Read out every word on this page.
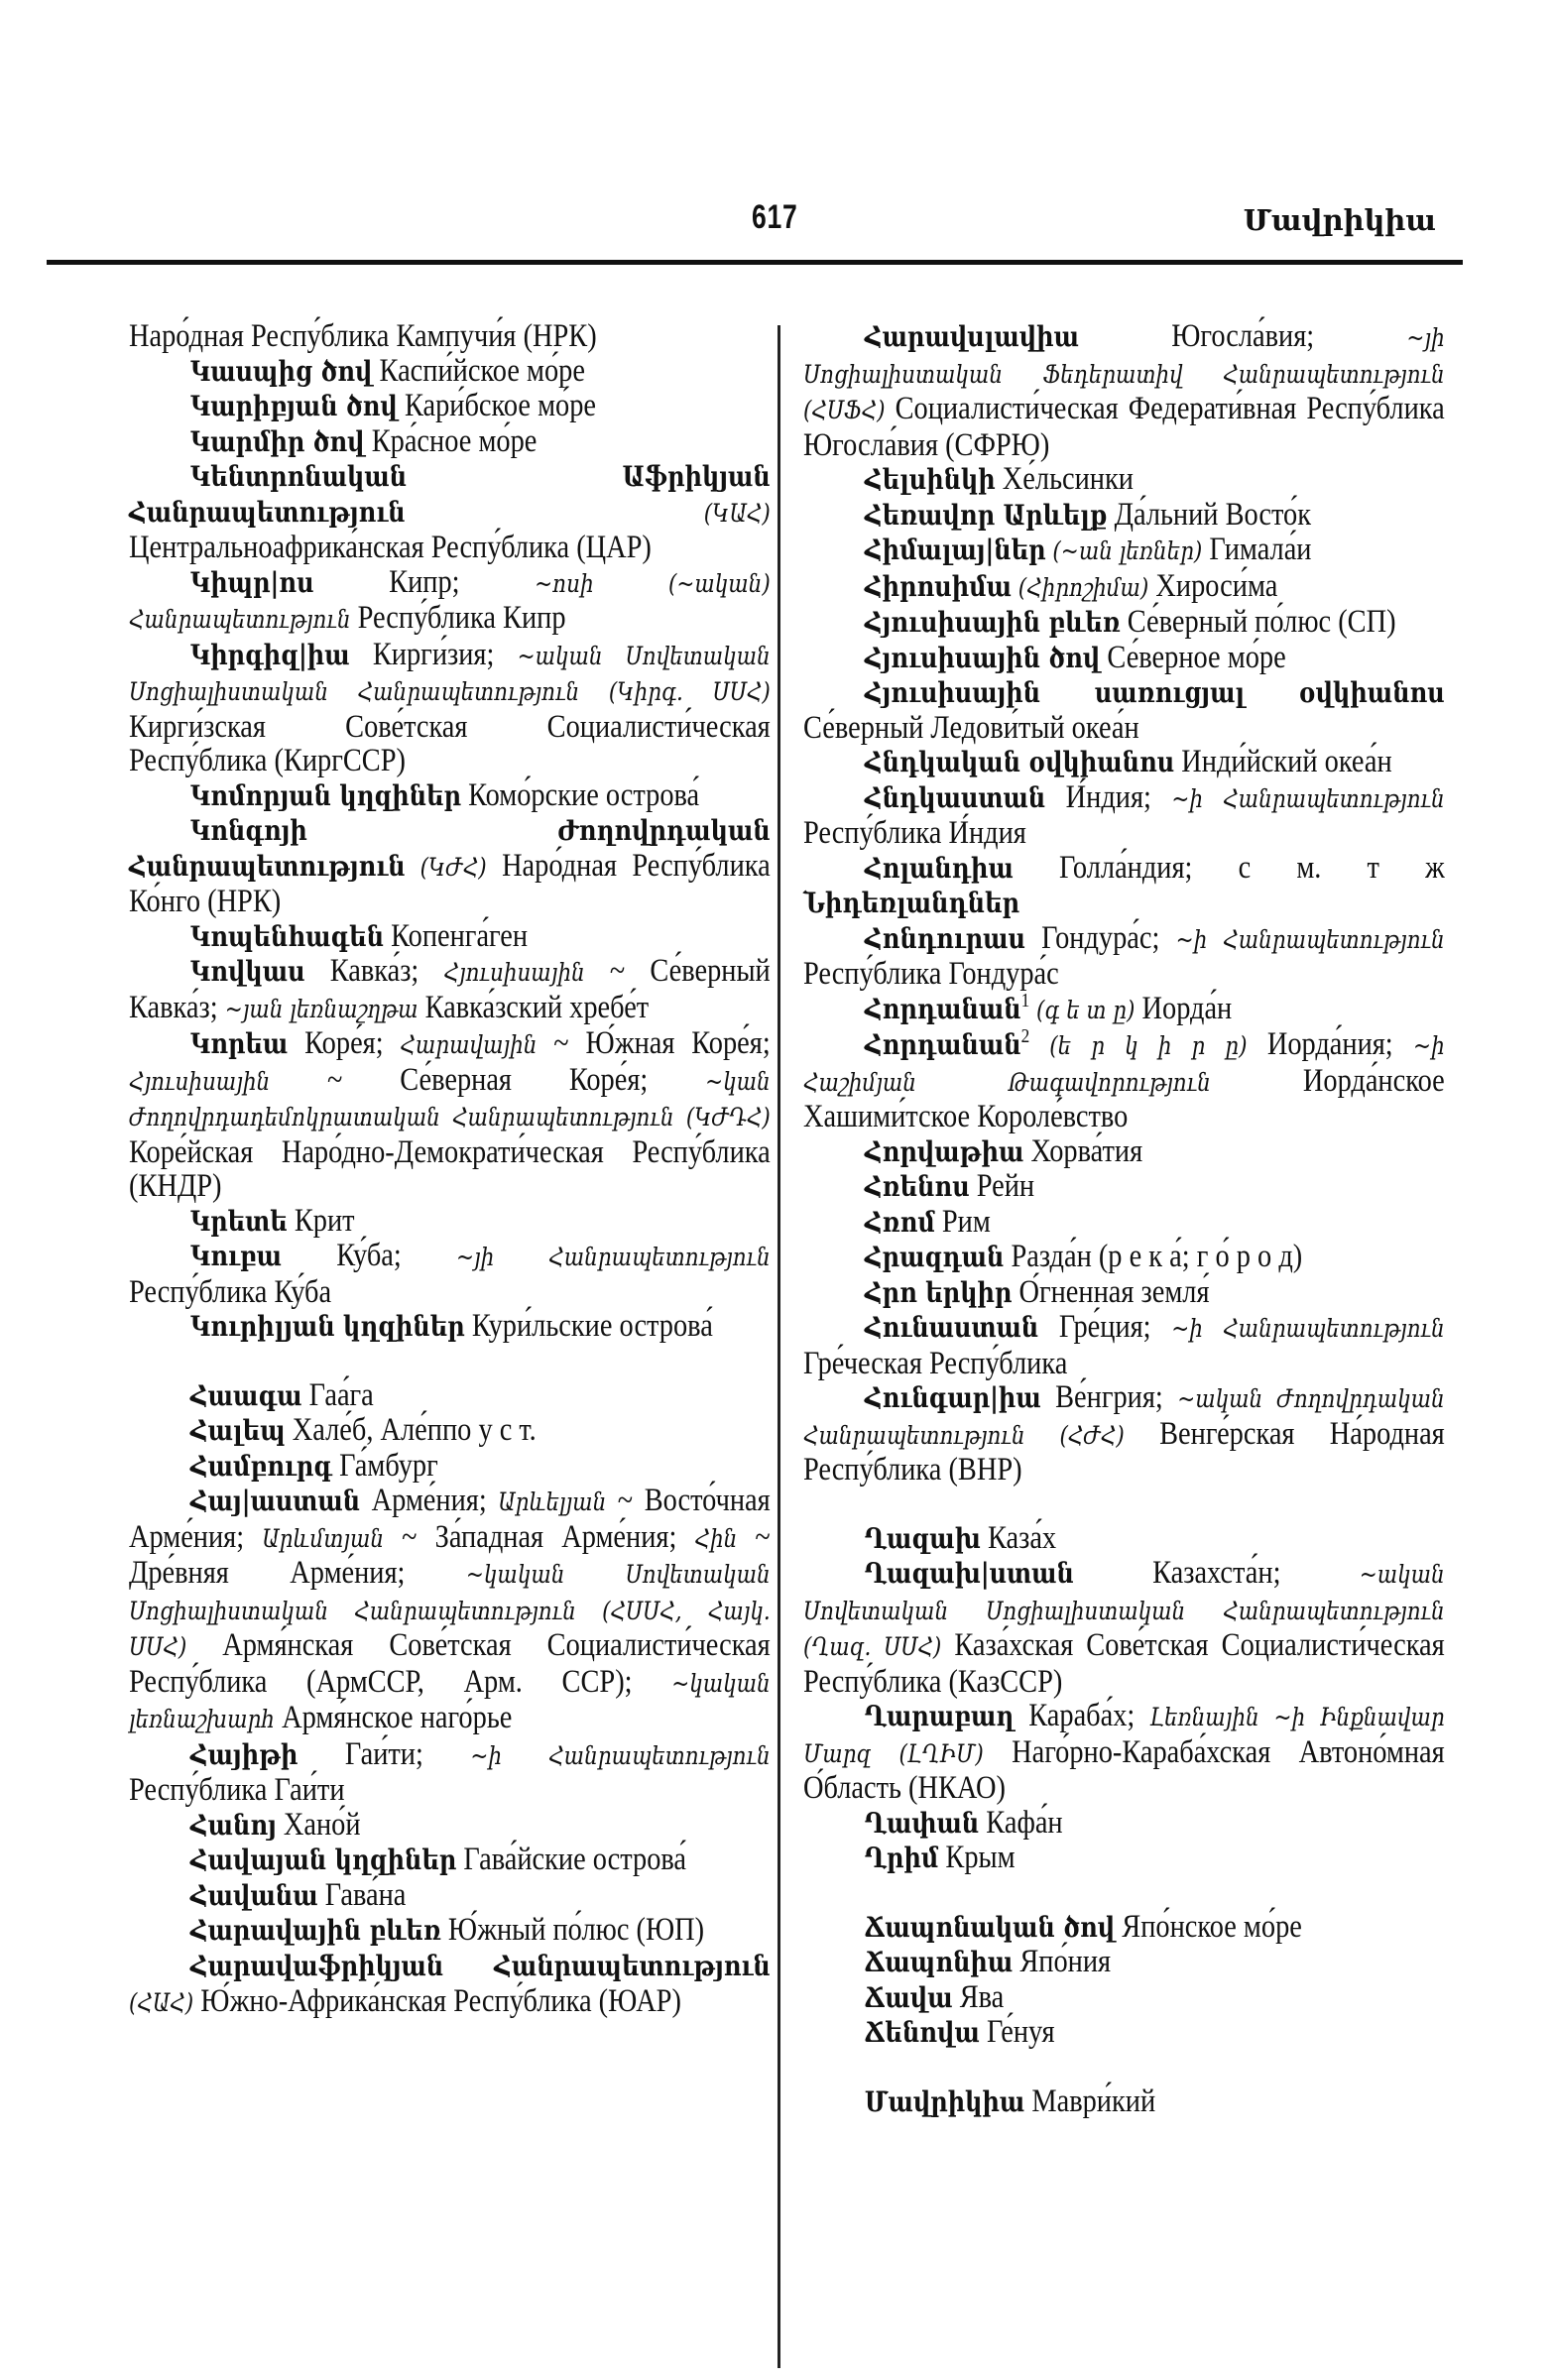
617	Մավրիկիա

Наро́дная Респу́блика Кампучи́я (НРК)

Կասպից ծով Каспи́йское мо́ре

Կարիբյան ծով Кари́бское мо́ре

Կարմիր ծով Кра́сное мо́ре

Կենտրոնական Աֆրիկյան Հանրապետություն (ԿԱՀ) Центральноафрика́нская Респу́блика (ЦАР)

Կիպր|ոս Кипр; ~ոսի (~ական) Հանրապետություն Респу́блика Кипр

Կիրգիզ|իա Кирги́зия; ~ական Սովետական Սոցիալիստական Հանրապետություն (Կիրգ. ՍՍՀ) Кирги́зская Сове́тская Социалисти́ческая Респу́блика (КиргССР)

Կոմորյան կղզիներ Комо́рские острова́

Կոնգոյի Ժողովրդական Հանրապետություն (ԿԺՀ) Наро́дная Респу́блика Ко́нго (НРК)

Կոպենհագեն Копенга́ген

Կովկաս Кавка́з; Հյուսիսային ~ Се́верный Кавка́з; ~յան լեռնաշղթա Кавка́зский хребе́т

Կորեա Коре́я; Հարավային ~ Ю́жная Коре́я; Հյուսիսային ~ Се́верная Коре́я; ~կան Ժողովրդադեմոկրատական Հանրապետություն (ԿԺԴՀ) Коре́йская Наро́дно-Демократи́ческая Респу́блика (КНДР)

Կրետե Крит

Կուբա Ку́ба; ~յի Հանրապետություն Респу́блика Ку́ба

Կուրիլյան կղզիներ Кури́льские острова́

Հաագա Гаа́га

Հալեպ Хале́б, Але́ппо у с т.

Համբուրգ Га́мбург

Հայ|աստան Арме́ния; Արևելյան ~ Восто́чная Арме́ния; Արևմտյան ~ За́падная Арме́ния; Հին ~ Дре́вняя Арме́ния; ~կական Սովետական Սոցիալիստական Հանրապետություն (ՀՍՍՀ, Հայկ. ՍՍՀ) Армя́нская Сове́тская Социалисти́ческая Респу́блика (АрмССР, Арм. ССР); ~կական լեռնաշխարհ Армя́нское наго́рье

Հայիթի Гаи́ти; ~ի Հանրապետություն Респу́блика Гаи́ти

Հանոյ Хано́й

Հավայան կղզիներ Гава́йские острова́

Հավանա Гава́на

Հարավային բևեռ Ю́жный по́люс (ЮП)

Հարավաֆրիկյան Հանրապետություն (ՀԱՀ) Ю́жно-Африка́нская Респу́блика (ЮАР)

Հարավսլավիա Югосла́вия; ~յի Սոցիալիստական Ֆեդերատիվ Հանրապետություն (ՀՍՖՀ) Социалисти́ческая Федерати́вная Респу́блика Югосла́вия (СФРЮ)

Հելսինկի Хе́льсинки

Հեռավոր Արևելք Да́льний Восто́к

Հիմալայ|ներ (~ան լեռներ) Гимала́и

Հիրոսիմա (Հիրոշիմա) Хироси́ма

Հյուսիսային բևեռ Се́верный по́люс (СП)

Հյուսիսային ծով Се́верное мо́ре

Հյուսիսային սառուցյալ օվկիանոս Се́верный Ледови́тый океа́н

Հնդկական օվկիանոս Инди́йский океа́н

Հնդկաստան И́ндия; ~ի Հանրապետություն Респу́блика И́ндия

Հոլանդիա Голла́ндия; с м. т ж Նիդեռլանդներ

Հոնդուրաս Гондура́с; ~ի Հանրապետություն Респу́блика Гондура́с

Հորդանան$^1$ (գ ե տ ը) Иорда́н

Հորդանան$^2$ (ե ր կ ի ր ը) Иорда́ния; ~ի Հաշիմյան Թագավորություն Иорда́нское Хашими́тское Короле́вство

Հորվաթիա Хорва́тия

Հռենոս Рейн

Հռոմ Рим

Հրազդան Разда́н (р е к а́; г о́ р о д)

Հրո երկիր О́гненная земля́

Հունաստան Гре́ция; ~ի Հանրապետություն Гре́ческая Респу́блика

Հունգար|իա Ве́нгрия; ~ական Ժողովրդական Հանրապետություն (ՀԺՀ) Венге́рская На́родная Респу́блика (ВНР)

Ղազախ Каза́х

Ղազախ|ստան Казахста́н; ~ական Սովետական Սոցիալիստական Հանրապետություն (Ղազ. ՍՍՀ) Каза́хская Сове́тская Социалисти́ческая Респу́блика (КазССР)

Ղարաբաղ Караба́х; Լեռնային ~ի Ինքնավար Մարզ (ԼՂԻՄ) Наго́рно-Караба́хская Автоно́мная О́бласть (НКАО)

Ղափան Кафа́н

Ղրիմ Крым

Ճապոնական ծով Япо́нское мо́ре

Ճապոնիա Япо́ния

Ճավա Ява

Ճենովա Ге́нуя

Մավրիկիա Маври́кий
